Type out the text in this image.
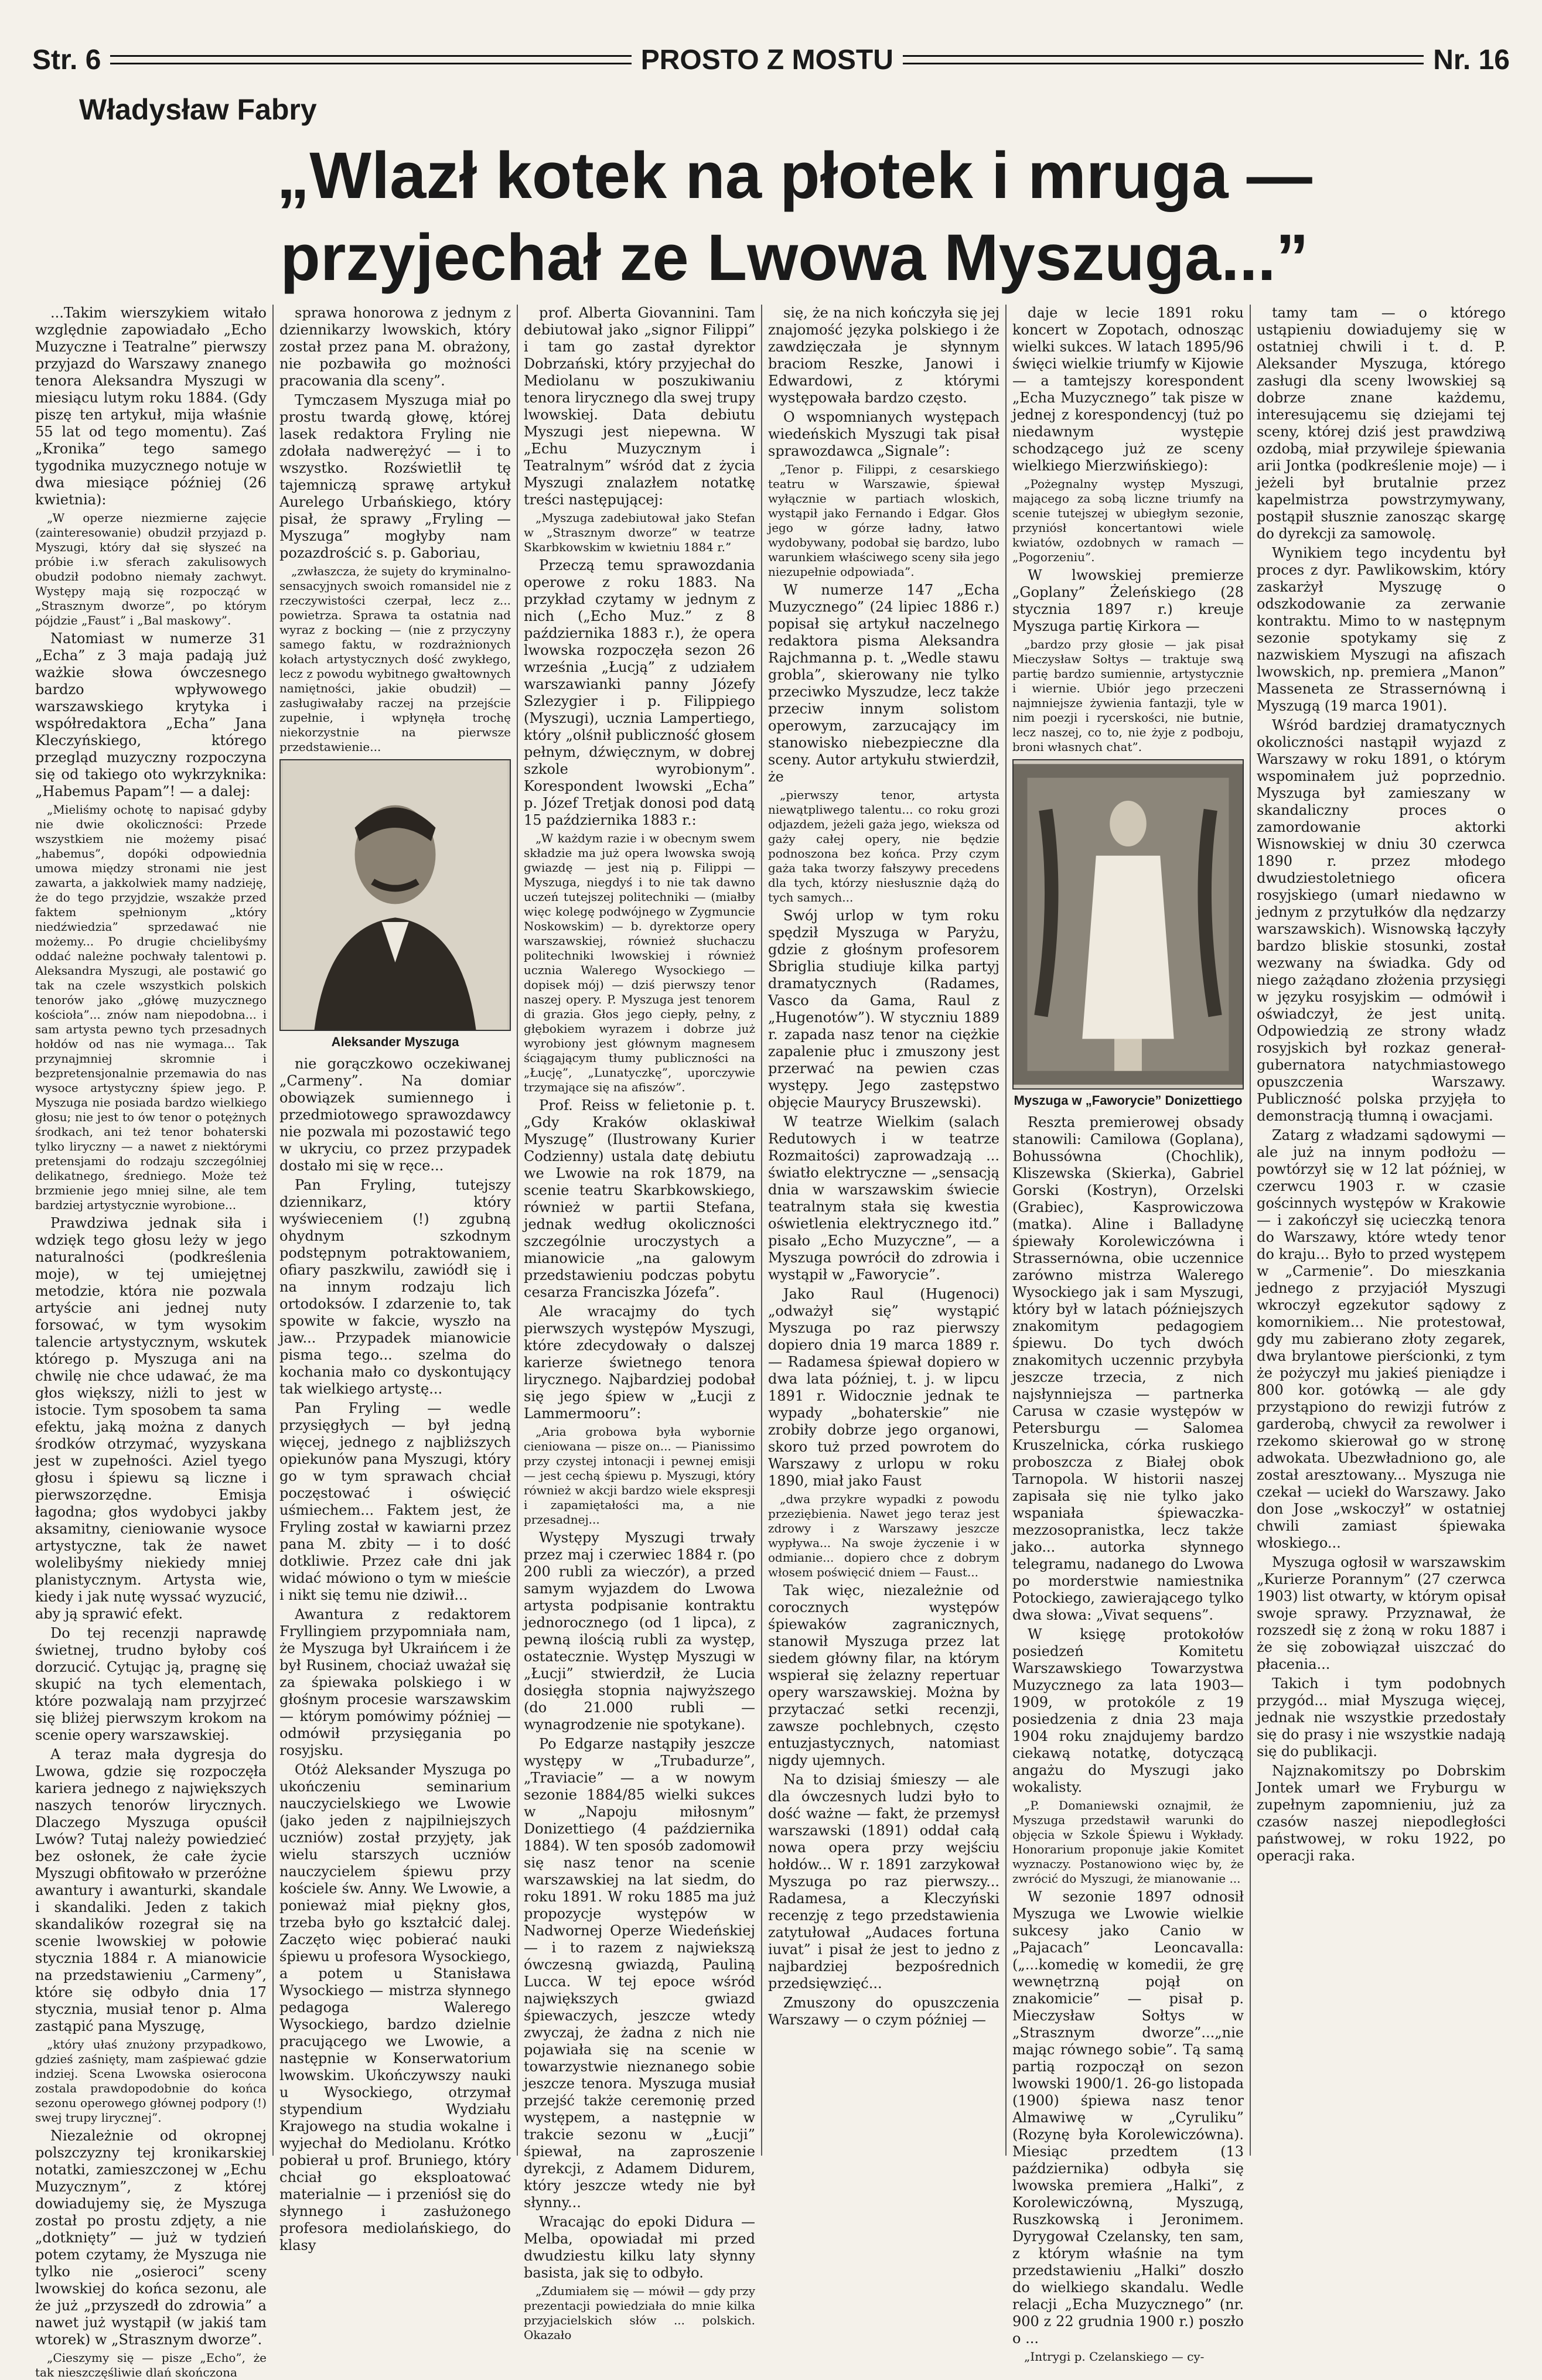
Str. 6	PROSTO Z MOSTU	Nr. 16
Władysław Fabry
„Wlazł kotek na płotek i mruga —
przyjechał ze Lwowa Myszuga...”

...Takim wierszykiem witało względnie zapowiadało „Echo Muzyczne i Teatralne” pierwszy przyjazd do Warszawy znanego tenora Aleksandra Myszugi w miesiącu lutym roku 1884. (Gdy piszę ten artykuł, mija właśnie 55 lat od tego momentu). Zaś „Kronika” tego samego tygodnika muzycznego notuje w dwa miesiące później (26 kwietnia):

„W operze niezmierne zajęcie (zainteresowanie) obudził przyjazd p. Myszugi, który dał się słyszeć na próbie i.w sferach zakulisowych obudził podobno niemały zachwyt. Występy mają się rozpocząć w „Strasznym dworze”, po którym pójdzie „Faust” i „Bal maskowy”.

Natomiast w numerze 31 „Echa” z 3 maja padają już ważkie słowa ówczesnego bardzo wpływowego warszawskiego krytyka i współredaktora „Echa” Jana Kleczyńskiego, którego przegląd muzyczny rozpoczyna się od takiego oto wykrzyknika: „Habemus Papam”! — a dalej:

„Mieliśmy ochotę to napisać gdyby nie dwie okoliczności: Przede wszystkiem nie możemy pisać „habemus”, dopóki odpowiednia umowa między stronami nie jest zawarta, a jakkolwiek mamy nadzieję, że do tego przyjdzie, wszakże przed faktem spełnionym „który niedźwiedzia” sprzedawać nie możemy... Po drugie chcielibyśmy oddać należne pochwały talentowi p. Aleksandra Myszugi, ale postawić go tak na czele wszystkich polskich tenorów jako „główę muzycznego kościoła”... znów nam niepodobna... i sam artysta pewno tych przesadnych hołdów od nas nie wymaga... Tak przynajmniej skromnie i bezpretensjonalnie przemawia do nas wysoce artystyczny śpiew jego. P. Myszuga nie posiada bardzo wielkiego głosu; nie jest to ów tenor o potężnych środkach, ani też tenor bohaterski tylko liryczny — a nawet z niektórymi pretensjami do rodzaju szczególniej delikatnego, średniego. Może też brzmienie jego mniej silne, ale tem bardziej artystycznie wyrobione...

Prawdziwa jednak siła i wdzięk tego głosu leży w jego naturalności (podkreślenia moje), w tej umiejętnej metodzie, która nie pozwala artyście ani jednej nuty forsować, w tym wysokim talencie artystycznym, wskutek którego p. Myszuga ani na chwilę nie chce udawać, że ma głos większy, niżli to jest w istocie. Tym sposobem ta sama efektu, jaką można z danych środków otrzymać, wyzyskana jest w zupełności. Aziel tyego głosu i śpiewu są liczne i pierwszorzędne. Emisja łagodna; głos wydobyci jakby aksamitny, cieniowanie wysoce artystyczne, tak że nawet wolelibyśmy niekiedy mniej planistycznym. Artysta wie, kiedy i jak nutę wyssać wyzucić, aby ją sprawić efekt.

Do tej recenzji naprawdę świetnej, trudno byłoby coś dorzucić. Cytując ją, pragnę się skupić na tych elementach, które pozwalają nam przyjrzeć się bliżej pierwszym krokom na scenie opery warszawskiej.

A teraz mała dygresja do Lwowa, gdzie się rozpoczęła kariera jednego z największych naszych tenorów lirycznych. Dlaczego Myszuga opuścił Lwów? Tutaj należy powiedzieć bez osłonek, że całe życie Myszugi obfitowało w przeróżne awantury i awanturki, skandale i skandaliki. Jeden z takich skandalików rozegrał się na scenie lwowskiej w połowie stycznia 1884 r. A mianowicie na przedstawieniu „Carmeny”, które się odbyło dnia 17 stycznia, musiał tenor p. Alma zastąpić pana Myszugę,

„który ułaś znużony przypadkowo, gdzieś zaśnięty, mam zaśpiewać gdzie indziej. Scena Lwowska osierocona zostala prawdopodobnie do końca sezonu operowego głównej podpory (!) swej trupy lirycznej”.

Niezależnie od okropnej polszczyzny tej kronikarskiej notatki, zamieszczonej w „Echu Muzycznym”, z której dowiadujemy się, że Myszuga został po prostu zdjęty, a nie „dotknięty” — już w tydzień potem czytamy, że Myszuga nie tylko nie „osieroci” sceny lwowskiej do końca sezonu, ale że już „przyszedł do zdrowia” a nawet już wystąpił (w jakiś tam wtorek) w „Strasznym dworze”.

„Cieszymy się — pisze „Echo”, że tak nieszczęśliwie dlań skończona

sprawa honorowa z jednym z dziennikarzy lwowskich, który został przez pana M. obrażony, nie pozbawiła go możności pracowania dla sceny”.

Tymczasem Myszuga miał po prostu twardą głowę, której lasek redaktora Fryling nie zdołała nadwerężyć — i to wszystko. Rozświetlił tę tajemniczą sprawę artykuł Aurelego Urbańskiego, który pisał, że sprawy „Fryling — Myszuga” mogłyby nam pozazdrościć s. p. Gaboriau,

„zwłaszcza, że sujety do kryminalno-sensacyjnych swoich romansidel nie z rzeczywistości czerpał, lecz z... powietrza. Sprawa ta ostatnia nad wyraz z bocking — (nie z przyczyny samego faktu, w rozdrażnionych kołach artystycznych dość zwykłego, lecz z powodu wybitnego gwałtownych namiętności, jakie obudził) — zasługiwałaby raczej na przejście zupełnie, i wpłynęła trochę niekorzystnie na pierwsze przedstawienie...

Aleksander Myszuga

nie gorączkowo oczekiwanej „Carmeny”. Na domiar obowiązek sumiennego i przedmiotowego sprawozdawcy nie pozwala mi pozostawić tego w ukryciu, co przez przypadek dostało mi się w ręce...

Pan Fryling, tutejszy dziennikarz, który wyświeceniem (!) zgubną ohydnym szkodnym podstępnym potraktowaniem, ofiary paszkwilu, zawiódł się i na innym rodzaju lich ortodoksów. I zdarzenie to, tak spowite w fakcie, wyszło na jaw... Przypadek mianowicie pisma tego... szelma do kochania mało co dyskontujący tak wielkiego artystę...

Pan Fryling — wedle przysięgłych — był jedną więcej, jednego z najbliższych opiekunów pana Myszugi, który go w tym sprawach chciał poczęstować i oświęcić uśmiechem... Faktem jest, że Fryling został w kawiarni przez pana M. zbity — i to dość dotkliwie. Przez całe dni jak widać mówiono o tym w mieście i nikt się temu nie dziwił...

Awantura z redaktorem Fryllingiem przypomniała nam, że Myszuga był Ukraińcem i że był Rusinem, chociaż uważał się za śpiewaka polskiego i w głośnym procesie warszawskim — którym pomówimy później — odmówił przysięgania po rosyjsku.

Otóż Aleksander Myszuga po ukończeniu seminarium nauczycielskiego we Lwowie (jako jeden z najpilniejszych uczniów) został przyjęty, jak wielu starszych uczniów nauczycielem śpiewu przy kościele św. Anny. We Lwowie, a ponieważ miał piękny głos, trzeba było go kształcić dalej. Zaczęto więc pobierać nauki śpiewu u profesora Wysockiego, a potem u Stanisława Wysockiego — mistrza słynnego pedagoga Walerego Wysockiego, bardzo dzielnie pracującego we Lwowie, a następnie w Konserwatorium lwowskim. Ukończywszy nauki u Wysockiego, otrzymał stypendium Wydziału Krajowego na studia wokalne i wyjechał do Mediolanu. Krótko pobierał u prof. Bruniego, który chciał go eksploatować materialnie — i przeniósł się do słynnego i zasłużonego profesora mediolańskiego, do klasy

prof. Alberta Giovannini. Tam debiutował jako „signor Filippi” i tam go zastał dyrektor Dobrzański, który przyjechał do Mediolanu w poszukiwaniu tenora lirycznego dla swej trupy lwowskiej. Data debiutu Myszugi jest niepewna. W „Echu Muzycznym i Teatralnym” wśród dat z życia Myszugi znalazłem notatkę treści następującej:

„Myszuga zadebiutował jako Stefan w „Strasznym dworze” w teatrze Skarbkowskim w kwietniu 1884 r.”

Przeczą temu sprawozdania operowe z roku 1883. Na przykład czytamy w jednym z nich („Echo Muz.” z 8 października 1883 r.), że opera lwowska rozpoczęła sezon 26 września „Łucją” z udziałem warszawianki panny Józefy Szlezygier i p. Filippiego (Myszugi), ucznia Lampertiego, który „olśnił publiczność głosem pełnym, dźwięcznym, w dobrej szkole wyrobionym”. Korespondent lwowski „Echa” p. Józef Tretjak donosi pod datą 15 października 1883 r.:

„W każdym razie i w obecnym swem składzie ma już opera lwowska swoją gwiazdę — jest nią p. Filippi — Myszuga, niegdyś i to nie tak dawno uczeń tutejszej politechniki — (miałby więc kolegę podwójnego w Zygmuncie Noskowskim) — b. dyrektorze opery warszawskiej, również słuchaczu politechniki lwowskiej i również ucznia Walerego Wysockiego — dopisek mój) — dziś pierwszy tenor naszej opery. P. Myszuga jest tenorem di grazia. Głos jego ciepły, pełny, z głębokiem wyrazem i dobrze już wyrobiony jest głównym magnesem ściągającym tłumy publiczności na „Łucję”, „Lunatyczkę”, uporczywie trzymające się na afiszów”.

Prof. Reiss w felietonie p. t. „Gdy Kraków oklaskiwał Myszugę” (Ilustrowany Kurier Codzienny) ustala datę debiutu we Lwowie na rok 1879, na scenie teatru Skarbkowskiego, również w partii Stefana, jednak według okoliczności szczególnie uroczystych a mianowicie „na galowym przedstawieniu podczas pobytu cesarza Franciszka Józefa”.

Ale wracajmy do tych pierwszych występów Myszugi, które zdecydowały o dalszej karierze świetnego tenora lirycznego. Najbardziej podobał się jego śpiew w „Łucji z Lammermooru”:

„Aria grobowa była wybornie cieniowana — pisze on... — Pianissimo przy czystej intonacji i pewnej emisji — jest cechą śpiewu p. Myszugi, który również w akcji bardzo wiele ekspresji i zapamiętałości ma, a nie przesadnej...

Występy Myszugi trwały przez maj i czerwiec 1884 r. (po 200 rubli za wieczór), a przed samym wyjazdem do Lwowa artysta podpisanie kontraktu jednorocznego (od 1 lipca), z pewną ilością rubli za występ, ostatecznie. Występ Myszugi w „Łucji” stwierdził, że Lucia dosięgła stopnia najwyższego (do 21.000 rubli — wynagrodzenie nie spotykane).

Po Edgarze nastąpiły jeszcze występy w „Trubadurze”, „Traviacie” — a w nowym sezonie 1884/85 wielki sukces w „Napoju miłosnym” Donizettiego (4 października 1884). W ten sposób zadomowił się nasz tenor na scenie warszawskiej na lat siedm, do roku 1891. W roku 1885 ma już propozycje występów w Nadwornej Operze Wiedeńskiej — i to razem z najwiekszą ówczesną gwiazdą, Pauliną Lucca. W tej epoce wśród największych gwiazd śpiewaczych, jeszcze wtedy zwyczaj, że żadna z nich nie pojawiała się na scenie w towarzystwie nieznanego sobie jeszcze tenora. Myszuga musiał przejść także ceremonię przed występem, a następnie w trakcie sezonu w „Łucji” śpiewał, na zaproszenie dyrekcji, z Adamem Didurem, który jeszcze wtedy nie był słynny...

Wracając do epoki Didura — Melba, opowiadał mi przed dwudziestu kilku laty słynny basista, jak się to odbyło.

„Zdumiałem się — mówił — gdy przy prezentacji powiedziała do mnie kilka przyjacielskich słów ... polskich. Okazało

się, że na nich kończyła się jej znajomość języka polskiego i że zawdzięczała je słynnym braciom Reszke, Janowi i Edwardowi, z którymi występowała bardzo często.

O wspomnianych występach wiedeńskich Myszugi tak pisał sprawozdawca „Signale”:

„Tenor p. Filippi, z cesarskiego teatru w Warszawie, śpiewał wyłącznie w partiach wloskich, wystąpił jako Fernando i Edgar. Głos jego w górze ładny, łatwo wydobywany, podobał się bardzo, lubo warunkiem właściwego sceny siła jego niezupełnie odpowiada”.

W numerze 147 „Echa Muzycznego” (24 lipiec 1886 r.) popisał się artykuł naczelnego redaktora pisma Aleksandra Rajchmanna p. t. „Wedle stawu grobla”, skierowany nie tylko przeciwko Myszudze, lecz także przeciw innym solistom operowym, zarzucający im stanowisko niebezpieczne dla sceny. Autor artykułu stwierdził, że

„pierwszy tenor, artysta niewątpliwego talentu... co roku grozi odjazdem, jeżeli gaża jego, wieksza od gaży całej opery, nie będzie podnoszona bez końca. Przy czym gaża taka tworzy fałszywy precedens dla tych, którzy niesłusznie dążą do tych samych...

Swój urlop w tym roku spędził Myszuga w Paryżu, gdzie z głośnym profesorem Sbriglia studiuje kilka partyj dramatycznych (Radames, Vasco da Gama, Raul z „Hugenotów”). W styczniu 1889 r. zapada nasz tenor na ciężkie zapalenie płuc i zmuszony jest przerwać na pewien czas występy. Jego zastępstwo objęcie Maurycy Bruszewski).

W teatrze Wielkim (salach Redutowych i w teatrze Rozmaitości) zaprowadzają ... światło elektryczne — „sensacją dnia w warszawskim świecie teatralnym stała się kwestia oświetlenia elektrycznego itd.” pisało „Echo Muzyczne”, — a Myszuga powrócił do zdrowia i wystąpił w „Faworycie”.

Jako Raul (Hugenoci) „odważył się” wystąpić Myszuga po raz pierwszy dopiero dnia 19 marca 1889 r. — Radamesa śpiewał dopiero w dwa lata później, t. j. w lipcu 1891 r. Widocznie jednak te wypady „bohaterskie” nie zrobiły dobrze jego organowi, skoro tuż przed powrotem do Warszawy z urlopu w roku 1890, miał jako Faust

„dwa przykre wypadki z powodu przeziębienia. Nawet jego teraz jest zdrowy i z Warszawy jeszcze wypływa... Na swoje życzenie i w odmianie... dopiero chce z dobrym włosem poświęcić dniem — Faust...

Tak więc, niezależnie od corocznych występów śpiewaków zagranicznych, stanowił Myszuga przez lat siedem główny filar, na którym wspierał się żelazny repertuar opery warszawskiej. Można by przytaczać setki recenzji, zawsze pochlebnych, często entuzjastycznych, natomiast nigdy ujemnych.

Na to dzisiaj śmieszy — ale dla ówczesnych ludzi było to dość ważne — fakt, że przemysł warszawski (1891) oddał całą nowa opera przy wejściu hołdów... W r. 1891 zarzykował Myszuga po raz pierwszy... Radamesa, a Kleczyński recenzję z tego przedstawienia zatytułował „Audaces fortuna iuvat” i pisał że jest to jedno z najbardziej bezpośrednich przedsięwzięć...

Zmuszony do opuszczenia Warszawy — o czym później —

daje w lecie 1891 roku koncert w Zopotach, odnosząc wielki sukces. W latach 1895/96 święci wielkie triumfy w Kijowie — a tamtejszy korespondent „Echa Muzycznego” tak pisze w jednej z korespondencyj (tuż po niedawnym występie schodzącego już ze sceny wielkiego Mierzwińskiego):

„Pożegnalny występ Myszugi, mającego za sobą liczne triumfy na scenie tutejszej w ubiegłym sezonie, przyniósł koncertantowi wiele kwiatów, ozdobnych w ramach — „Pogorzeniu”.

W lwowskiej premierze „Goplany” Żeleńskiego (28 stycznia 1897 r.) kreuje Myszuga partię Kirkora —

„bardzo przy głosie — jak pisał Mieczysław Sołtys — traktuje swą partię bardzo sumiennie, artystycznie i wiernie. Ubiór jego przeczeni najmniejsze żywienia fantazji, tyle w nim poezji i rycerskości, nie butnie, lecz naszej, co to, nie żyje z podboju, broni własnych chat”.

Myszuga w „Faworycie” Donizettiego

Reszta premierowej obsady stanowili: Camilowa (Goplana), Bohussówna (Chochlik), Kliszewska (Skierka), Gabriel Gorski (Kostryn), Orzelski (Grabiec), Kasprowiczowa (matka). Aline i Balladynę śpiewały Korolewiczówna i Strassernówna, obie uczennice zarówno mistrza Walerego Wysockiego jak i sam Myszugi, który był w latach późniejszych znakomitym pedagogiem śpiewu. Do tych dwóch znakomitych uczennic przybyła jeszcze trzecia, z nich najsłynniejsza — partnerka Carusa w czasie występów w Petersburgu — Salomea Kruszelnicka, córka ruskiego proboszcza z Białej obok Tarnopola. W historii naszej zapisała się nie tylko jako wspaniała śpiewaczka-mezzosopranistka, lecz także jako... autorka słynnego telegramu, nadanego do Lwowa po morderstwie namiestnika Potockiego, zawierającego tylko dwa słowa: „Vivat sequens”.

W księgę protokołów posiedzeń Komitetu Warszawskiego Towarzystwa Muzycznego za lata 1903—1909, w protokóle z 19 posiedzenia z dnia 23 maja 1904 roku znajdujemy bardzo ciekawą notatkę, dotyczącą angażu do Myszugi jako wokalisty.

„P. Domaniewski oznajmił, że Myszuga przedstawił warunki do objęcia w Szkole Śpiewu i Wykłady. Honorarium proponuje jakie Komitet wyznaczy. Postanowiono więc by, że zwrócić do Myszugi, że mianowanie ...

W sezonie 1897 odnosił Myszuga we Lwowie wielkie sukcesy jako Canio w „Pajacach” Leoncavalla: („...komedię w komedii, że grę wewnętrzną pojął on znakomicie” — pisał p. Mieczysław Sołtys w „Strasznym dworze”...„nie mając równego sobie”. Tą samą partią rozpoczął on sezon lwowski 1900/1. 26-go listopada (1900) śpiewa nasz tenor Almawiwę w „Cyruliku” (Rozynę była Korolewiczówna). Miesiąc przedtem (13 października) odbyła się lwowska premiera „Halki”, z Korolewiczówną, Myszugą, Ruszkowską i Jeronimem. Dyrygował Czelansky, ten sam, z którym właśnie na tym przedstawieniu „Halki” doszło do wielkiego skandalu. Wedle relacji „Echa Muzycznego” (nr. 900 z 22 grudnia 1900 r.) poszło o ...

„Intrygi p. Czelanskiego — cy-

tamy tam — o którego ustąpieniu dowiadujemy się w ostatniej chwili i t. d. P. Aleksander Myszuga, którego zasługi dla sceny lwowskiej są dobrze znane każdemu, interesującemu się dziejami tej sceny, której dziś jest prawdziwą ozdobą, miał przywileje śpiewania arii Jontka (podkreślenie moje) — i jeżeli był brutalnie przez kapelmistrza powstrzymywany, postąpił słusznie zanosząc skargę do dyrekcji za samowolę.

Wynikiem tego incydentu był proces z dyr. Pawlikowskim, który zaskarżył Myszugę o odszkodowanie za zerwanie kontraktu. Mimo to w następnym sezonie spotykamy się z nazwiskiem Myszugi na afiszach lwowskich, np. premiera „Manon” Masseneta ze Strassernówną i Myszugą (19 marca 1901).

Wśród bardziej dramatycznych okoliczności nastąpił wyjazd z Warszawy w roku 1891, o którym wspominałem już poprzednio. Myszuga był zamieszany w skandaliczny proces o zamordowanie aktorki Wisnowskiej w dniu 30 czerwca 1890 r. przez młodego dwudziestoletniego oficera rosyjskiego (umarł niedawno w jednym z przytułków dla nędzarzy warszawskich). Wisnowską łączyły bardzo bliskie stosunki, został wezwany na świadka. Gdy od niego zażądano złożenia przysięgi w języku rosyjskim — odmówił i oświadczył, że jest unitą. Odpowiedzią ze strony władz rosyjskich był rozkaz generał-gubernatora natychmiastowego opuszczenia Warszawy. Publiczność polska przyjęła to demonstracją tłumną i owacjami.

Zatarg z władzami sądowymi — ale już na innym podłożu — powtórzył się w 12 lat później, w czerwcu 1903 r. w czasie gościnnych występów w Krakowie — i zakończył się ucieczką tenora do Warszawy, które wtedy tenor do kraju... Było to przed występem w „Carmenie”. Do mieszkania jednego z przyjaciół Myszugi wkroczył egzekutor sądowy z komornikiem... Nie protestował, gdy mu zabierano złoty zegarek, dwa brylantowe pierścionki, z tym że pożyczył mu jakieś pieniądze i 800 kor. gotówką — ale gdy przystąpiono do rewizji futrów z garderobą, chwycił za rewolwer i rzekomo skierował go w stronę adwokata. Ubezwładniono go, ale został aresztowany... Myszuga nie czekał — uciekł do Warszawy. Jako don Jose „wskoczył” w ostatniej chwili zamiast śpiewaka włoskiego...

Myszuga ogłosił w warszawskim „Kurierze Porannym” (27 czerwca 1903) list otwarty, w którym opisał swoje sprawy. Przyznawał, że rozszedł się z żoną w roku 1887 i że się zobowiązał uiszczać do płacenia...

Takich i tym podobnych przygód... miał Myszuga więcej, jednak nie wszystkie przedostały się do prasy i nie wszystkie nadają się do publikacji.

Najznakomitszy po Dobrskim Jontek umarł we Fryburgu w zupełnym zapomnieniu, już za czasów naszej niepodległości państwowej, w roku 1922, po operacji raka.
